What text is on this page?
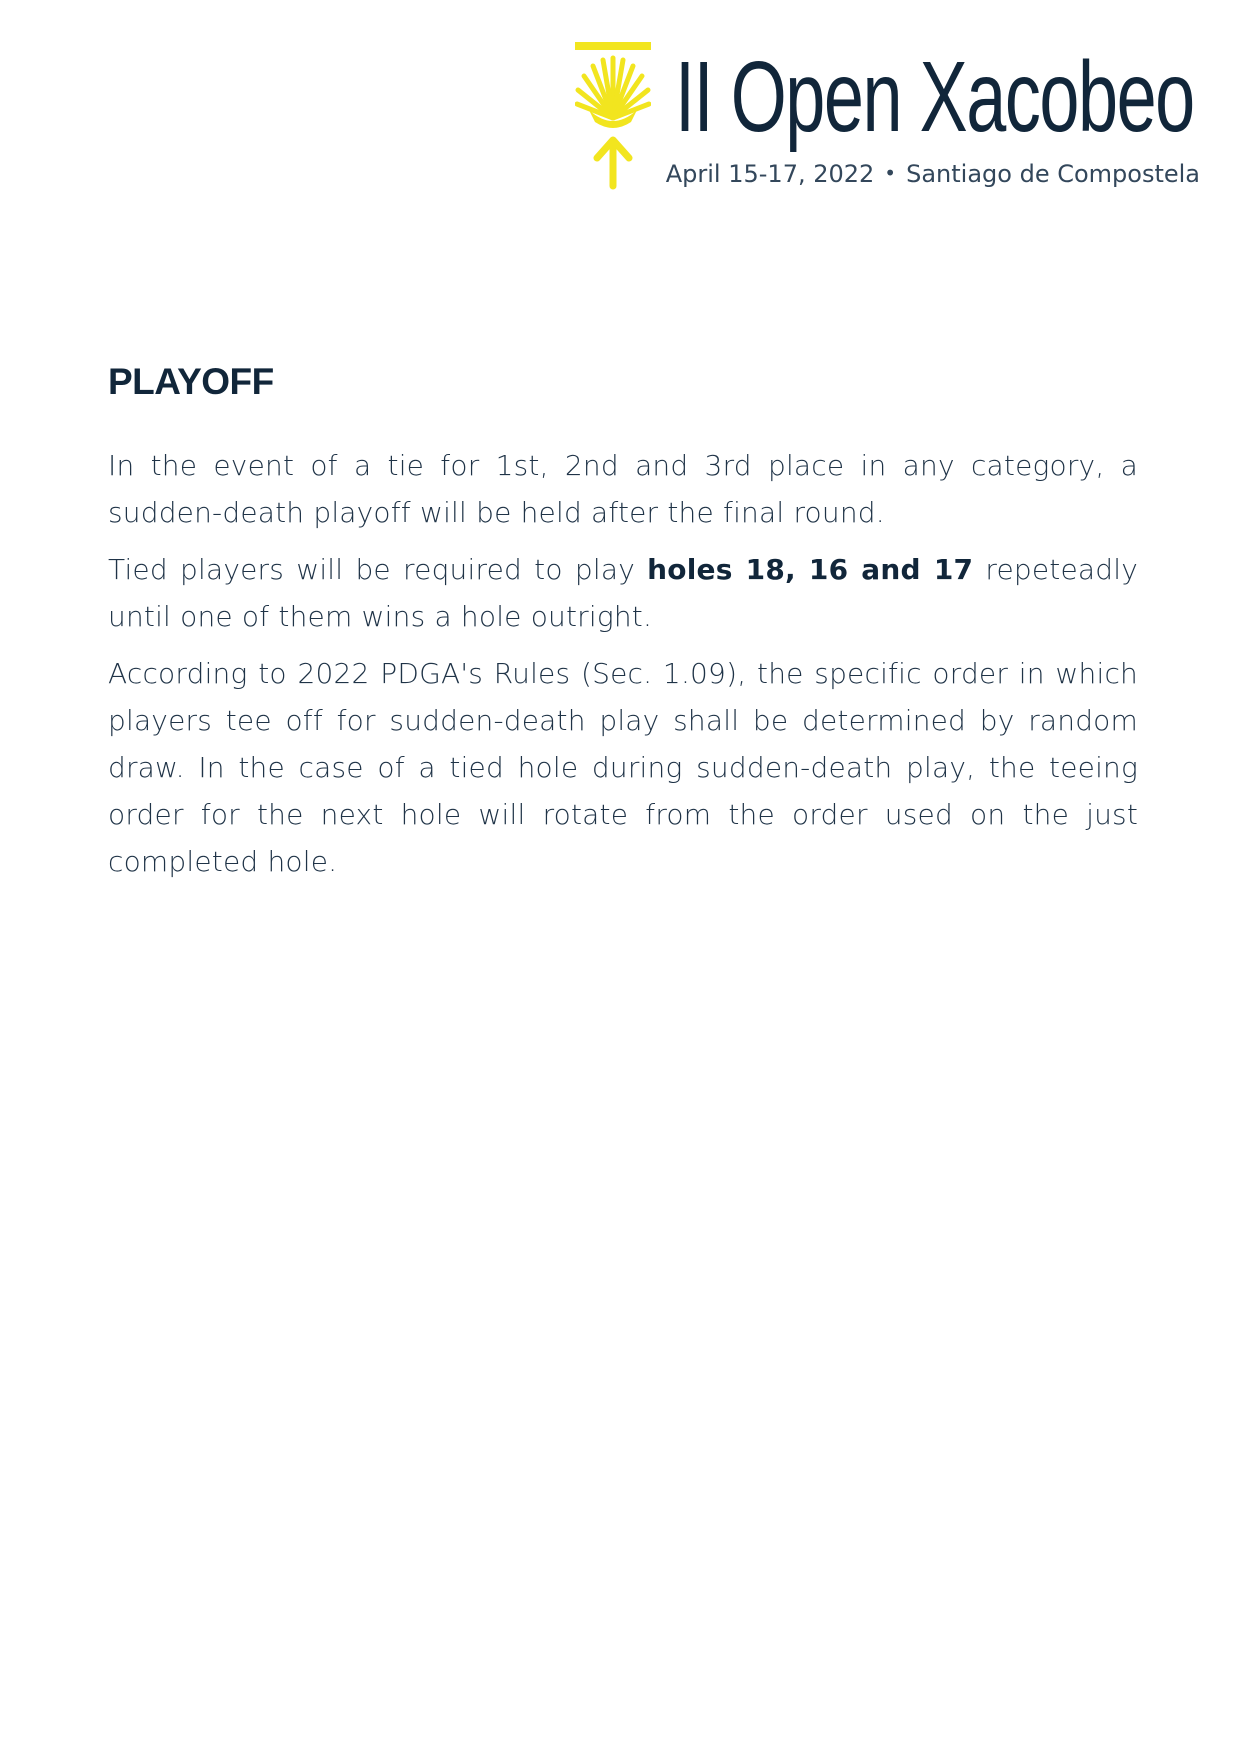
II Open Xacobeo
April 15-17, 2022 • Santiago de Compostela
PLAYOFF

In the event of a tie for 1st, 2nd and 3rd place in any category, a sudden-death playoff will be held after the final round.

Tied players will be required to play holes 18, 16 and 17 repeteadly until one of them wins a hole outright.

According to 2022 PDGA's Rules (Sec. 1.09), the specific order in which players tee off for sudden-death play shall be determined by random draw. In the case of a tied hole during sudden-death play, the teeing order for the next hole will rotate from the order used on the just completed hole.
